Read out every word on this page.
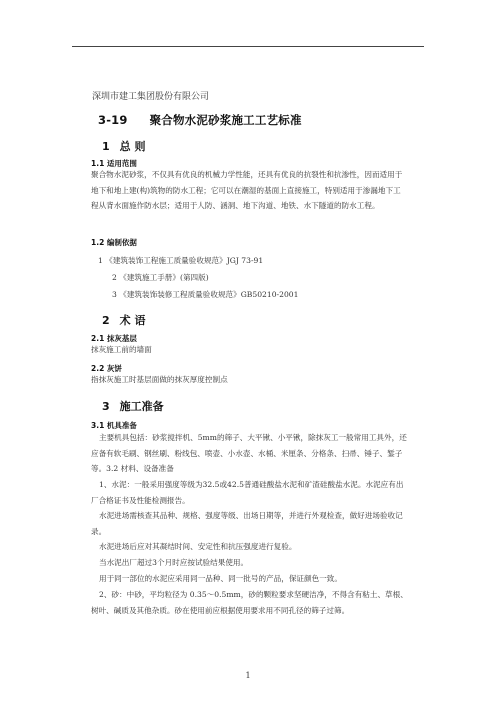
深圳市建工集团股份有限公司
3-19 聚合物水泥砂浆施工工艺标准
1 总 则
1.1 适用范围
聚合物水泥砂浆，不仅具有优良的机械力学性能，还具有优良的抗裂性和抗渗性，因而适用于地下和地上建(构)筑物的防水工程；它可以在潮湿的基面上直接施工，特别适用于渗漏地下工程从背水面施作防水层；适用于人防、涵洞、地下沟道、地铁、水下隧道的防水工程。
1.2 编制依据
1 《建筑装饰工程施工质量验收规范》JGJ 73-91
2 《建筑施工手册》(第四版)
3 《建筑装饰装修工程质量验收规范》GB50210-2001
2 术 语
2.1 抹灰基层
抹灰施工前的墙面
2.2 灰饼
指抹灰施工时基层面做的抹灰厚度控制点
3 施工准备
3.1 机具准备
主要机具包括：砂浆搅拌机、5mm的筛子、大平锹、小平锹，除抹灰工一般常用工具外，还应备有软毛刷、钢丝刷、粉线包、喷壶、小水壶、水桶、米厘条、分格条、扫帚、锤子、錾子等。3.2 材料、设备准备
1、水泥：一般采用强度等级为32.5或42.5普通硅酸盐水泥和矿渣硅酸盐水泥。水泥应有出厂合格证书及性能检测报告。
水泥进场需核查其品种、规格、强度等级、出场日期等，并进行外观检查，做好进场验收记录。
水泥进场后应对其凝结时间、安定性和抗压强度进行复验。
当水泥出厂超过3个月时应按试验结果使用。
用于同一部位的水泥应采用同一品种、同一批号的产品，保证颜色一致。
2、砂：中砂，平均粒径为 0.35～0.5mm，砂的颗粒要求坚硬洁净，不得含有粘土、草根、树叶、碱质及其他杂质。砂在使用前应根据使用要求用不同孔径的筛子过筛。
1
